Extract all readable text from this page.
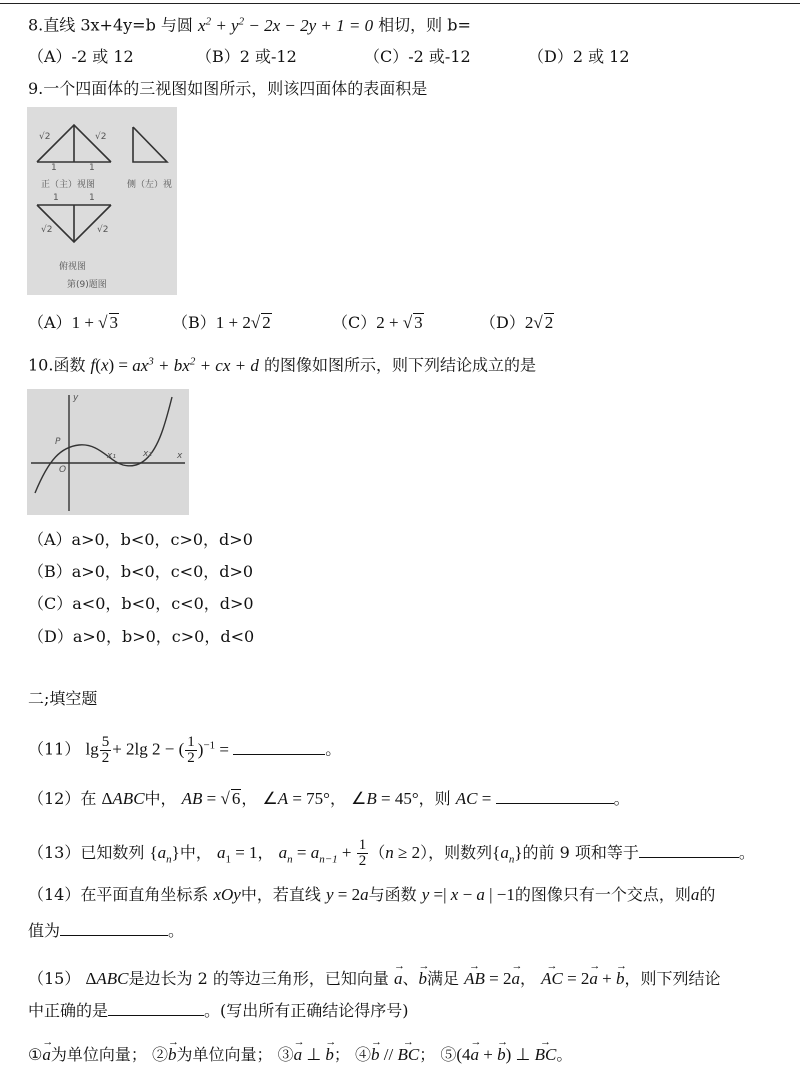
8.直线 3x+4y=b 与圆 $x^2 + y^2 - 2x - 2y + 1 = 0$ 相切，则 b=
（A）-2 或 12	（B）2 或-12	（C）-2 或-12	（D）2 或 12
9.一个四面体的三视图如图所示，则该四面体的表面积是
√2	√2
1	1
1	1
√2	√2
正（主）视图	侧（左）视
俯视图
第(9)题图
（A）1 + √ 3	（B）1 + 2√ 2	（C）2 + √ 3	（D）2√ 2
10.函数 $f(x) = ax^3 + bx^2$ + cx + d 的图像如图所示，则下列结论成立的是
y
x
O
P
x₁	x₂
（A）a>0，b<0，c>0，d>0
（B）a>0，b<0，c<0，d>0
（C）a<0，b<0，c<0，d>0
（D）a>0，b>0，c>0，d<0
二;填空题
（11） $\lg \frac{5}{2} + 2\lg$ 2 − ( $\frac{1}{2} )^{-1}$ =	。
（12）在 ΔABC中， AB = √ 6， ∠A = 75°， ∠B = 45°，则 AC =	。
（13）已知数列 $\{a_n\}$中， $a_1 = 1$， $a_n = a_{n-1} + \frac{1}{2} (n \ge 2)$，则数列$\{a_n\}$的前 9 项和等于	。
（14）在平面直角坐标系 xOy中，若直线 y = 2a与函数 y =| x − a | −1的图像只有一个交点，则a的
值为	。
（15） ΔABC是边长为 2 的等边三角形，已知向量 → a、→ b满足 → AB = 2→ a， → AC = 2→ a + → b，则下列结论
中正确的是	。(写出所有正确结论得序号)
①→ a为单位向量； ②→ b为单位向量； ③→ a ⊥ → b； ④→ b // → BC； ⑤(4→ a + → b) ⊥ → BC。
